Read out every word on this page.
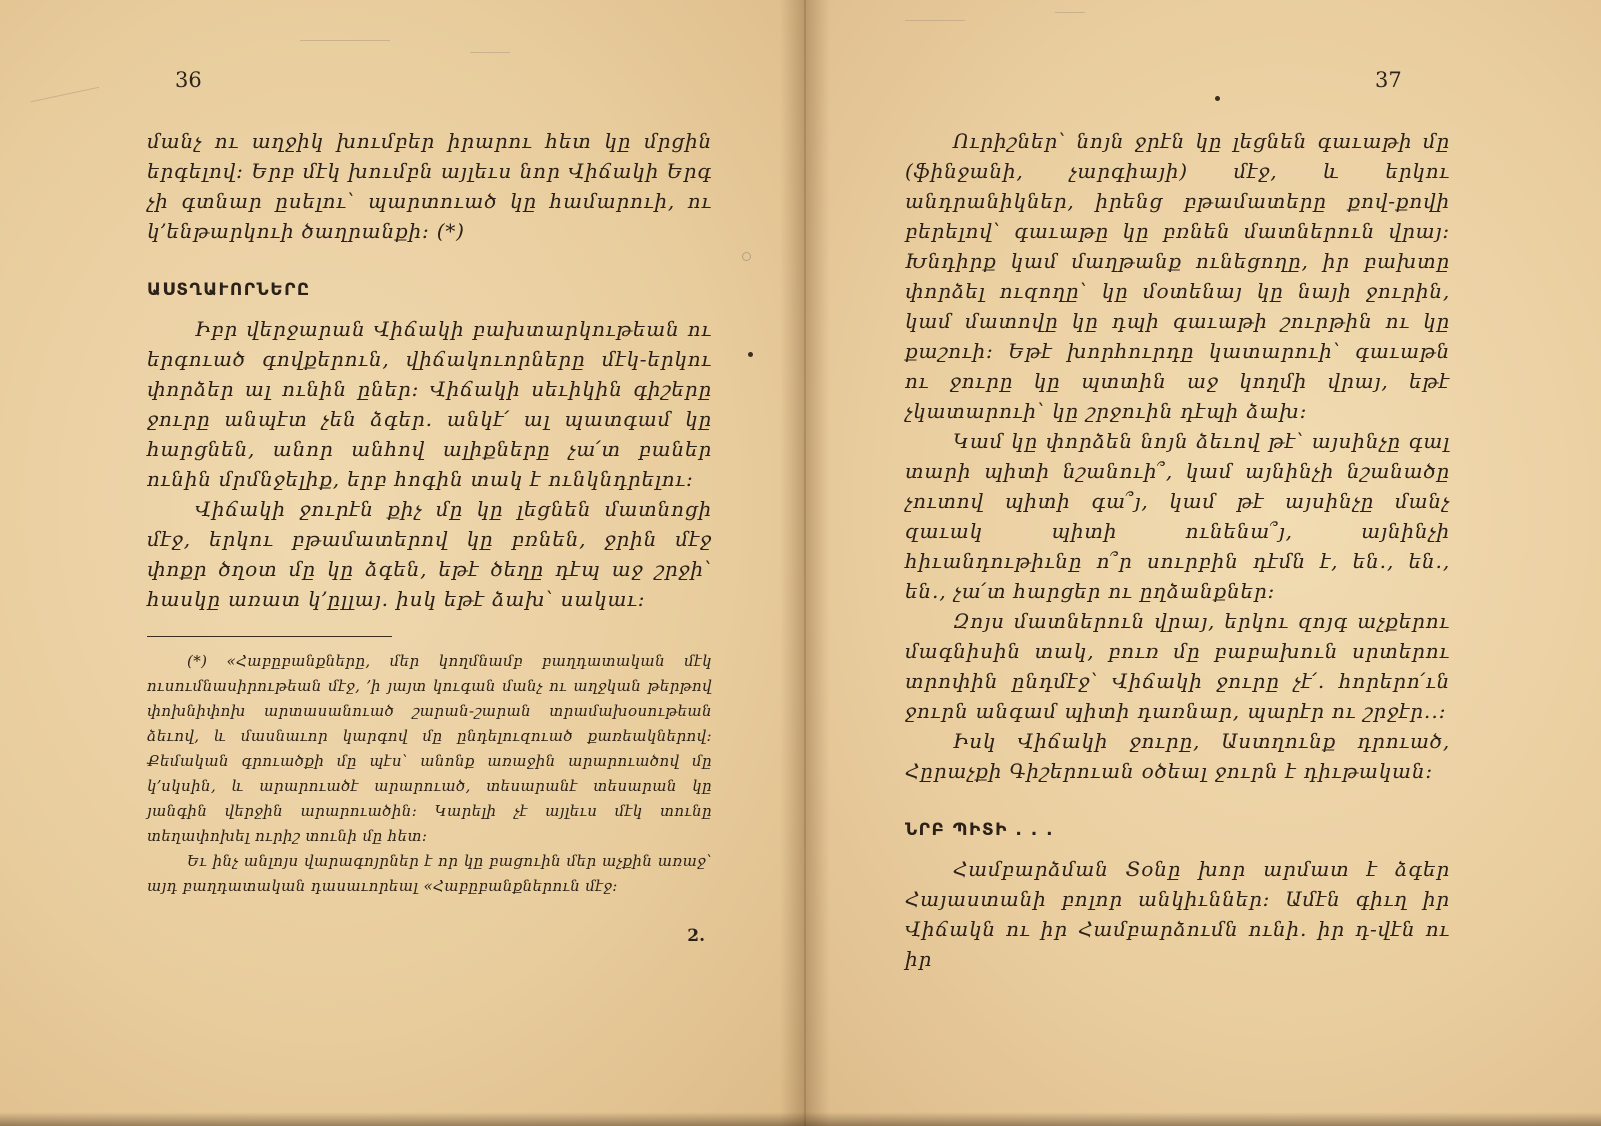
36

մանչ ու աղջիկ խումբեր իրարու հետ կը մրցին երգելով։ Երբ մէկ խումբն այլեւս նոր Վիճակի Երգ չի գտնար ըսելու՝ պարտուած կը համարուի, ու կ՚ենթարկուի ծաղրանքի։ (*)

ԱՍՏՂԱՒՈՐՆԵՐԸ

Իբր վերջարան Վիճակի բախտարկութեան ու երգուած գովքերուն, վիճակուորները մէկ-երկու փորձեր ալ ունին ըներ։ Վիճակի սեւիկին գիշերը ջուրը անպէտ չեն ձգեր․ անկէ՛ ալ պատգամ կը հարցնեն, անոր անհով ալիքները չա՛տ բաներ ունին մրմնջելիք, երբ հոգին տակ է ունկնդրելու։

Վիճակի ջուրէն քիչ մը կը լեցնեն մատնոցի մէջ, երկու բթամատերով կը բռնեն, ջրին մէջ փոքր ծղօտ մը կը ձգեն, եթէ ծեղը դէպ աջ շրջի՝ հասկը առատ կ՚ըլլայ․ իսկ եթէ ձախ՝ սակաւ։

(*) «Հաբըբանքները, մեր կողմնամբ բաղդատական մէկ ուսումնասիրութեան մէջ, ՚ի յայտ կուգան մանչ ու աղջկան թերթով փոխնիփոխ արտասանուած շարան-շարան տրամախօսութեան ձեւով, և մասնաւոր կարգով մը ընդելուզուած քառեակներով։ Քեմական գրուածքի մը պէս՝ անոնք առաջին արարուածով մը կ՚սկսին, և արարուածէ արարուած, տեսարանէ տեսարան կը յանգին վերջին արարուածին։ Կարելի չէ այլեւս մէկ տունը տեղափոխել ուրիշ տունի մը հետ։

Եւ ինչ անլոյս վարագոյրներ է որ կը բացուին մեր աչքին առաջ՝ այդ բաղդատական դասաւորեալ «Հաբըբանքներուն մէջ։

2.
37

Ուրիշներ՝ նոյն ջրէն կը լեցնեն գաւաթի մը (ֆինջանի, չարգիայի) մէջ, և երկու անդրանիկներ, իրենց բթամատերը քով-քովի բերելով՝ գաւաթը կը բռնեն մատներուն վրայ։ Խնդիրք կամ մաղթանք ունեցողը, իր բախտը փորձել ուզողը՝ կը մօտենայ կը նայի ջուրին, կամ մատովը կը դպի գաւաթի շուրթին ու կը քաշուի։ Եթէ խորհուրդը կատարուի՝ գաւաթն ու ջուրը կը պտտին աջ կողմի վրայ, եթէ չկատարուի՝ կը շրջուին դէպի ձախ։

Կամ կը փորձեն նոյն ձեւով թէ՝ այսինչը գալ տարի պիտի նշանուի՞, կամ այնինչի նշանածը չուտով պիտի գա՞յ, կամ թէ այսինչը մանչ զաւակ պիտի ունենա՞յ, այնինչի հիւանդութիւնը ո՞ր սուրբին դէմն է, են․, են․, են․, չա՛տ հարցեր ու ըղձանքներ։

Զոյս մատներուն վրայ, երկու զոյգ աչքերու մագնիսին տակ, բուռ մը բաբախուն սրտերու տրոփին ընդմէջ՝ Վիճակի ջուրը չէ՛․ հորերո՛ւն ջուրն անգամ պիտի դառնար, պարէր ու շրջէր․․։

Իսկ Վիճակի ջուրը, Աստղունք դրուած, Հըրաչքի Գիշերուան օծեալ ջուրն է դիւթական։

ՆՐԲ ՊԻՏԻ . . .

Համբարձման Տօնը խոր արմատ է ձգեր Հայաստանի բոլոր անկիւններ։ Ամէն գիւղ իր Վիճակն ու իր Համբարձումն ունի․ իր դ-վէն ու իր
